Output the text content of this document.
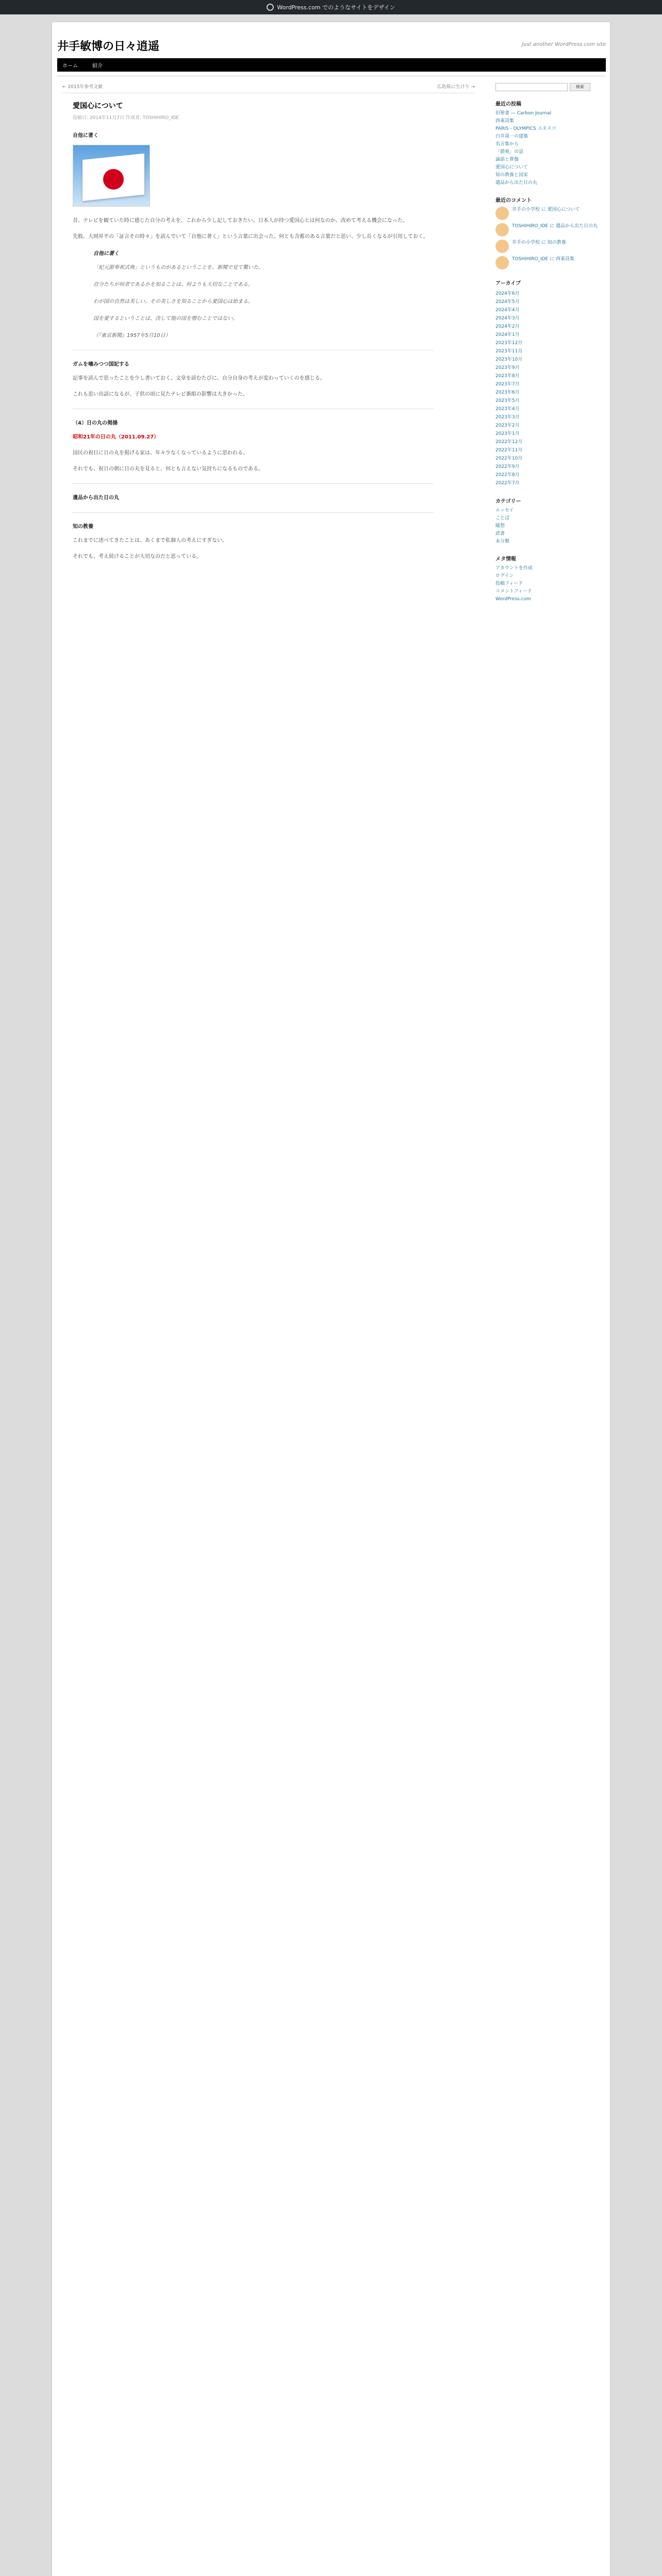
WordPress.com でのようなサイトをデザイン
井手敏博の日々逍遥	Just another WordPress.com site
ホーム	紹介
← 2015年参考文献	広島県に生けり →
愛国心について
投稿日: 2014年11月7日 作成者: TOSHIHIRO_IDE
自他に著く

昔、テレビを観ていた時に感じた自分の考えを、これから少し記しておきたい。日本人が持つ愛国心とは何なのか、改めて考える機会になった。

先般、大岡昇平の「証言その時々」を読んでいて「自他に著く」という言葉に出会った。何とも含蓄のある言葉だと思い、少し長くなるが引用しておく。

自他に著く

「紀元節奉祝式典」というものがあるということを、新聞で見て驚いた。

自分たちが何者であるかを知ることは、何よりも大切なことである。

わが国の自然は美しい。その美しさを知ることから愛国心は始まる。

国を愛するということは、決して他の国を憎むことではない。

（『東京新聞』1957年5月10日）

ガムを噛みつつ国記する

記事を読んで思ったことを少し書いておく。文章を読むたびに、自分自身の考えが変わっていくのを感じる。

これも思い出話になるが、子供の頃に見たテレビ番組の影響は大きかった。

（4）日の丸の掲揚

昭和21年の日の丸（2011.09.27）

国民の祝日に日の丸を掲げる家は、年々少なくなっているように思われる。

それでも、祝日の朝に日の丸を見ると、何とも言えない気持ちになるものである。

遺品から出た日の丸
知の教養

これまでに述べてきたことは、あくまで私個人の考えにすぎない。

それでも、考え続けることが大切なのだと思っている。

検索
最近の投稿
旧聖書 ― Carbon Journal
西東詩集
PARIS - OLYMPICS ユネスコ
白井晟一の建築
名言集から
「錯視」の話
論語と算盤
愛国心について
知の教養と国家
遺品から出た日の丸
最近のコメント
井手の小学校 に 愛国心について
TOSHIHIRO_IDE に 遺品から出た日の丸
井手の小学校 に 知の教養
TOSHIHIRO_IDE に 西東詩集
アーカイブ
2024年6月
2024年5月
2024年4月
2024年3月
2024年2月
2024年1月
2023年12月
2023年11月
2023年10月
2023年9月
2023年8月
2023年7月
2023年6月
2023年5月
2023年4月
2023年3月
2023年2月
2023年1月
2022年12月
2022年11月
2022年10月
2022年9月
2022年8月
2022年7月
カテゴリー
エッセイ
ことば
随想
読書
未分類
メタ情報
アカウントを作成
ログイン
投稿フィード
コメントフィード
WordPress.com
